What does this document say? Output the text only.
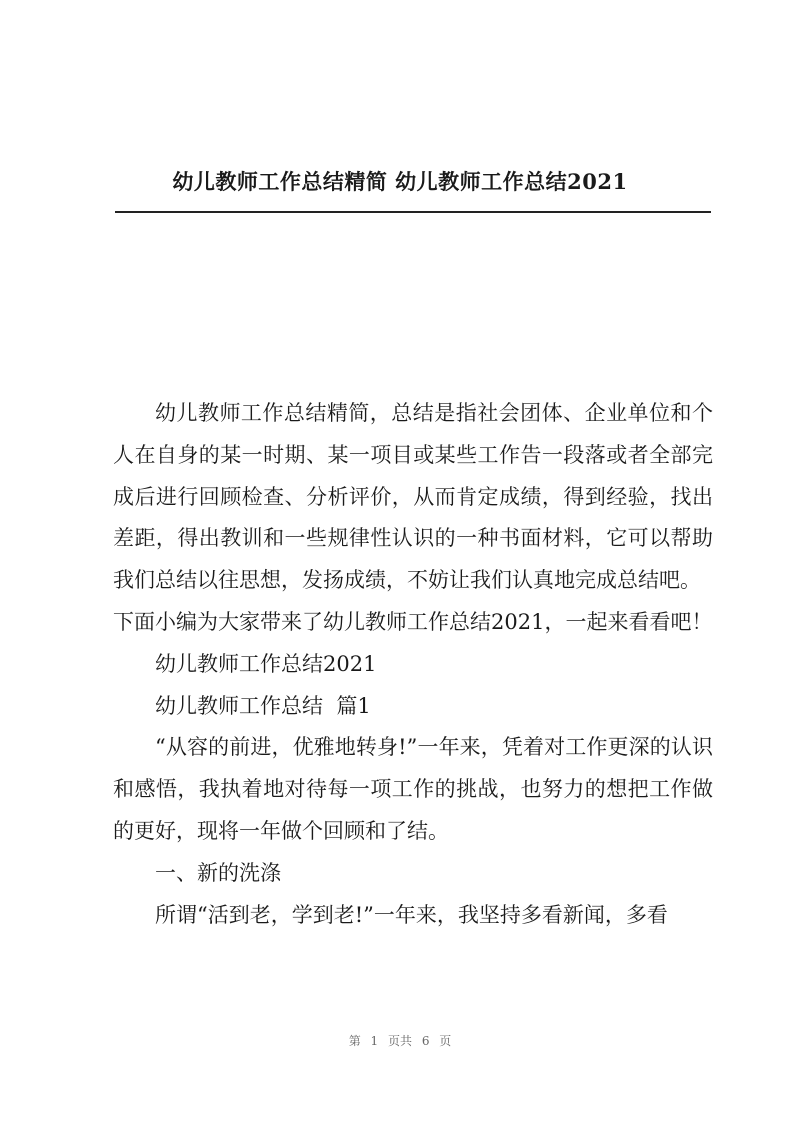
幼儿教师工作总结精简 幼儿教师工作总结2021

幼儿教师工作总结精简，总结是指社会团体、企业单位和个人在自身的某一时期、某一项目或某些工作告一段落或者全部完成后进行回顾检查、分析评价，从而肯定成绩，得到经验，找出差距，得出教训和一些规律性认识的一种书面材料，它可以帮助我们总结以往思想，发扬成绩，不妨让我们认真地完成总结吧。

下面小编为大家带来了幼儿教师工作总结2021，一起来看看吧！

幼儿教师工作总结2021

幼儿教师工作总结  篇1

“从容的前进，优雅地转身!”一年来，凭着对工作更深的认识和感悟，我执着地对待每一项工作的挑战，也努力的想把工作做的更好，现将一年做个回顾和了结。

一、新的洗涤

所谓“活到老，学到老!”一年来，我坚持多看新闻，多看

第 1 页共 6 页
